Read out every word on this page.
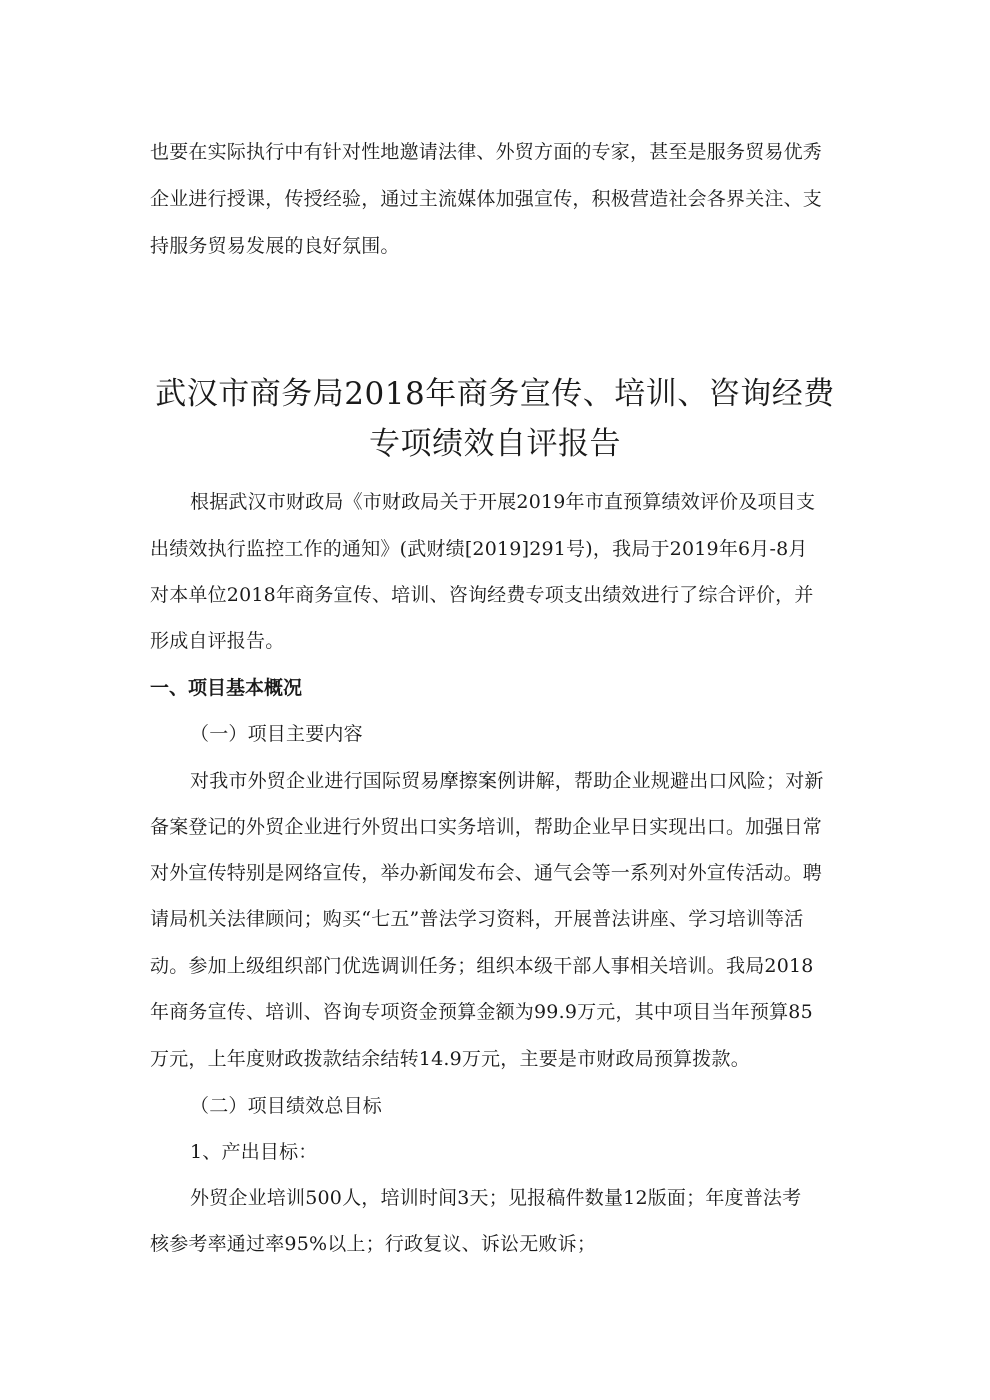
也要在实际执行中有针对性地邀请法律、外贸方面的专家，甚至是服务贸易优秀
企业进行授课，传授经验，通过主流媒体加强宣传，积极营造社会各界关注、支
持服务贸易发展的良好氛围。
武汉市商务局2018年商务宣传、培训、咨询经费
专项绩效自评报告
根据武汉市财政局《市财政局关于开展2019年市直预算绩效评价及项目支
出绩效执行监控工作的通知》(武财绩[2019]291号)，我局于2019年6月-8月
对本单位2018年商务宣传、培训、咨询经费专项支出绩效进行了综合评价，并
形成自评报告。
一、项目基本概况
（一）项目主要内容
对我市外贸企业进行国际贸易摩擦案例讲解，帮助企业规避出口风险；对新
备案登记的外贸企业进行外贸出口实务培训，帮助企业早日实现出口。加强日常
对外宣传特别是网络宣传，举办新闻发布会、通气会等一系列对外宣传活动。聘
请局机关法律顾问；购买“七五”普法学习资料，开展普法讲座、学习培训等活
动。参加上级组织部门优选调训任务；组织本级干部人事相关培训。我局2018
年商务宣传、培训、咨询专项资金预算金额为99.9万元，其中项目当年预算85
万元，上年度财政拨款结余结转14.9万元，主要是市财政局预算拨款。
（二）项目绩效总目标
1、产出目标：
外贸企业培训500人，培训时间3天；见报稿件数量12版面；年度普法考
核参考率通过率95%以上；行政复议、诉讼无败诉；
